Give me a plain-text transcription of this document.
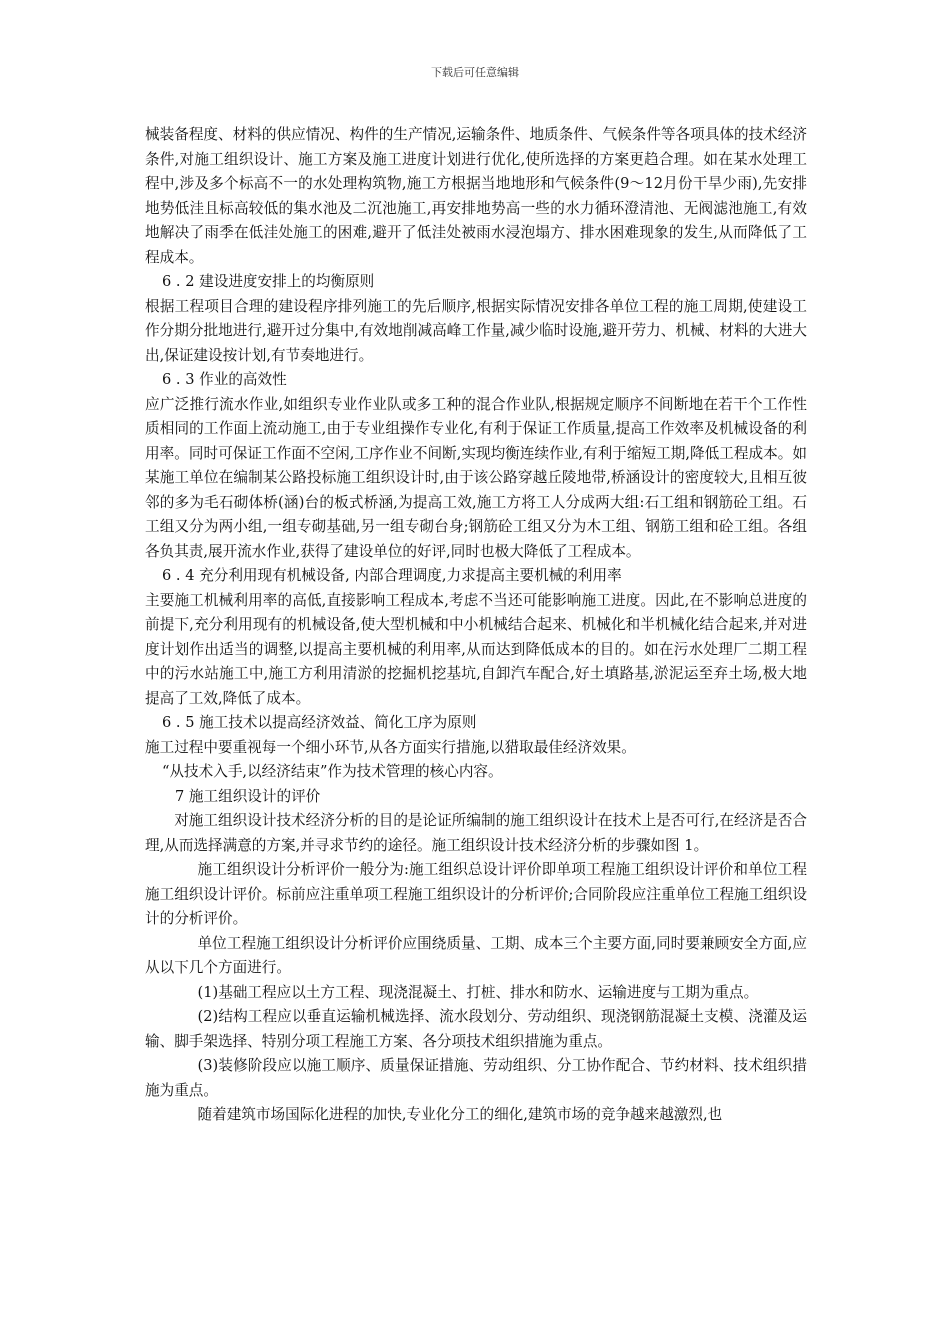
下载后可任意编辑

械装备程度、材料的供应情况、构件的生产情况,运输条件、地质条件、气候条件等各项具体的技术经济条件,对施工组织设计、施工方案及施工进度计划进行优化,使所选择的方案更趋合理。如在某水处理工程中,涉及多个标高不一的水处理构筑物,施工方根据当地地形和气候条件(9～12月份干旱少雨),先安排地势低洼且标高较低的集水池及二沉池施工,再安排地势高一些的水力循环澄清池、无阀滤池施工,有效地解决了雨季在低洼处施工的困难,避开了低洼处被雨水浸泡塌方、排水困难现象的发生,从而降低了工程成本。

6 . 2 建设进度安排上的均衡原则

根据工程项目合理的建设程序排列施工的先后顺序,根据实际情况安排各单位工程的施工周期,使建设工作分期分批地进行,避开过分集中,有效地削减高峰工作量,减少临时设施,避开劳力、机械、材料的大进大出,保证建设按计划,有节奏地进行。

6 . 3 作业的高效性

应广泛推行流水作业,如组织专业作业队或多工种的混合作业队,根据规定顺序不间断地在若干个工作性质相同的工作面上流动施工,由于专业组操作专业化,有利于保证工作质量,提高工作效率及机械设备的利用率。同时可保证工作面不空闲,工序作业不间断,实现均衡连续作业,有利于缩短工期,降低工程成本。如某施工单位在编制某公路投标施工组织设计时,由于该公路穿越丘陵地带,桥涵设计的密度较大,且相互彼邻的多为毛石砌体桥(涵)台的板式桥涵,为提高工效,施工方将工人分成两大组:石工组和钢筋砼工组。石工组又分为两小组,一组专砌基础,另一组专砌台身;钢筋砼工组又分为木工组、钢筋工组和砼工组。各组各负其责,展开流水作业,获得了建设单位的好评,同时也极大降低了工程成本。

6 . 4 充分利用现有机械设备, 内部合理调度,力求提高主要机械的利用率

主要施工机械利用率的高低,直接影响工程成本,考虑不当还可能影响施工进度。因此,在不影响总进度的前提下,充分利用现有的机械设备,使大型机械和中小机械结合起来、机械化和半机械化结合起来,并对进度计划作出适当的调整,以提高主要机械的利用率,从而达到降低成本的目的。如在污水处理厂二期工程中的污水站施工中,施工方利用清淤的挖掘机挖基坑,自卸汽车配合,好土填路基,淤泥运至弃土场,极大地提高了工效,降低了成本。

6 . 5 施工技术以提高经济效益、简化工序为原则

施工过程中要重视每一个细小环节,从各方面实行措施,以猎取最佳经济效果。

“从技术入手,以经济结束”作为技术管理的核心内容。

7 施工组织设计的评价

对施工组织设计技术经济分析的目的是论证所编制的施工组织设计在技术上是否可行,在经济是否合理,从而选择满意的方案,并寻求节约的途径。施工组织设计技术经济分析的步骤如图 1。

施工组织设计分析评价一般分为:施工组织总设计评价即单项工程施工组织设计评价和单位工程施工组织设计评价。标前应注重单项工程施工组织设计的分析评价;合同阶段应注重单位工程施工组织设计的分析评价。

单位工程施工组织设计分析评价应围绕质量、工期、成本三个主要方面,同时要兼顾安全方面,应从以下几个方面进行。

(1)基础工程应以土方工程、现浇混凝土、打桩、排水和防水、运输进度与工期为重点。

(2)结构工程应以垂直运输机械选择、流水段划分、劳动组织、现浇钢筋混凝土支模、浇灌及运输、脚手架选择、特别分项工程施工方案、各分项技术组织措施为重点。

(3)装修阶段应以施工顺序、质量保证措施、劳动组织、分工协作配合、节约材料、技术组织措施为重点。

随着建筑市场国际化进程的加快,专业化分工的细化,建筑市场的竞争越来越激烈,也
